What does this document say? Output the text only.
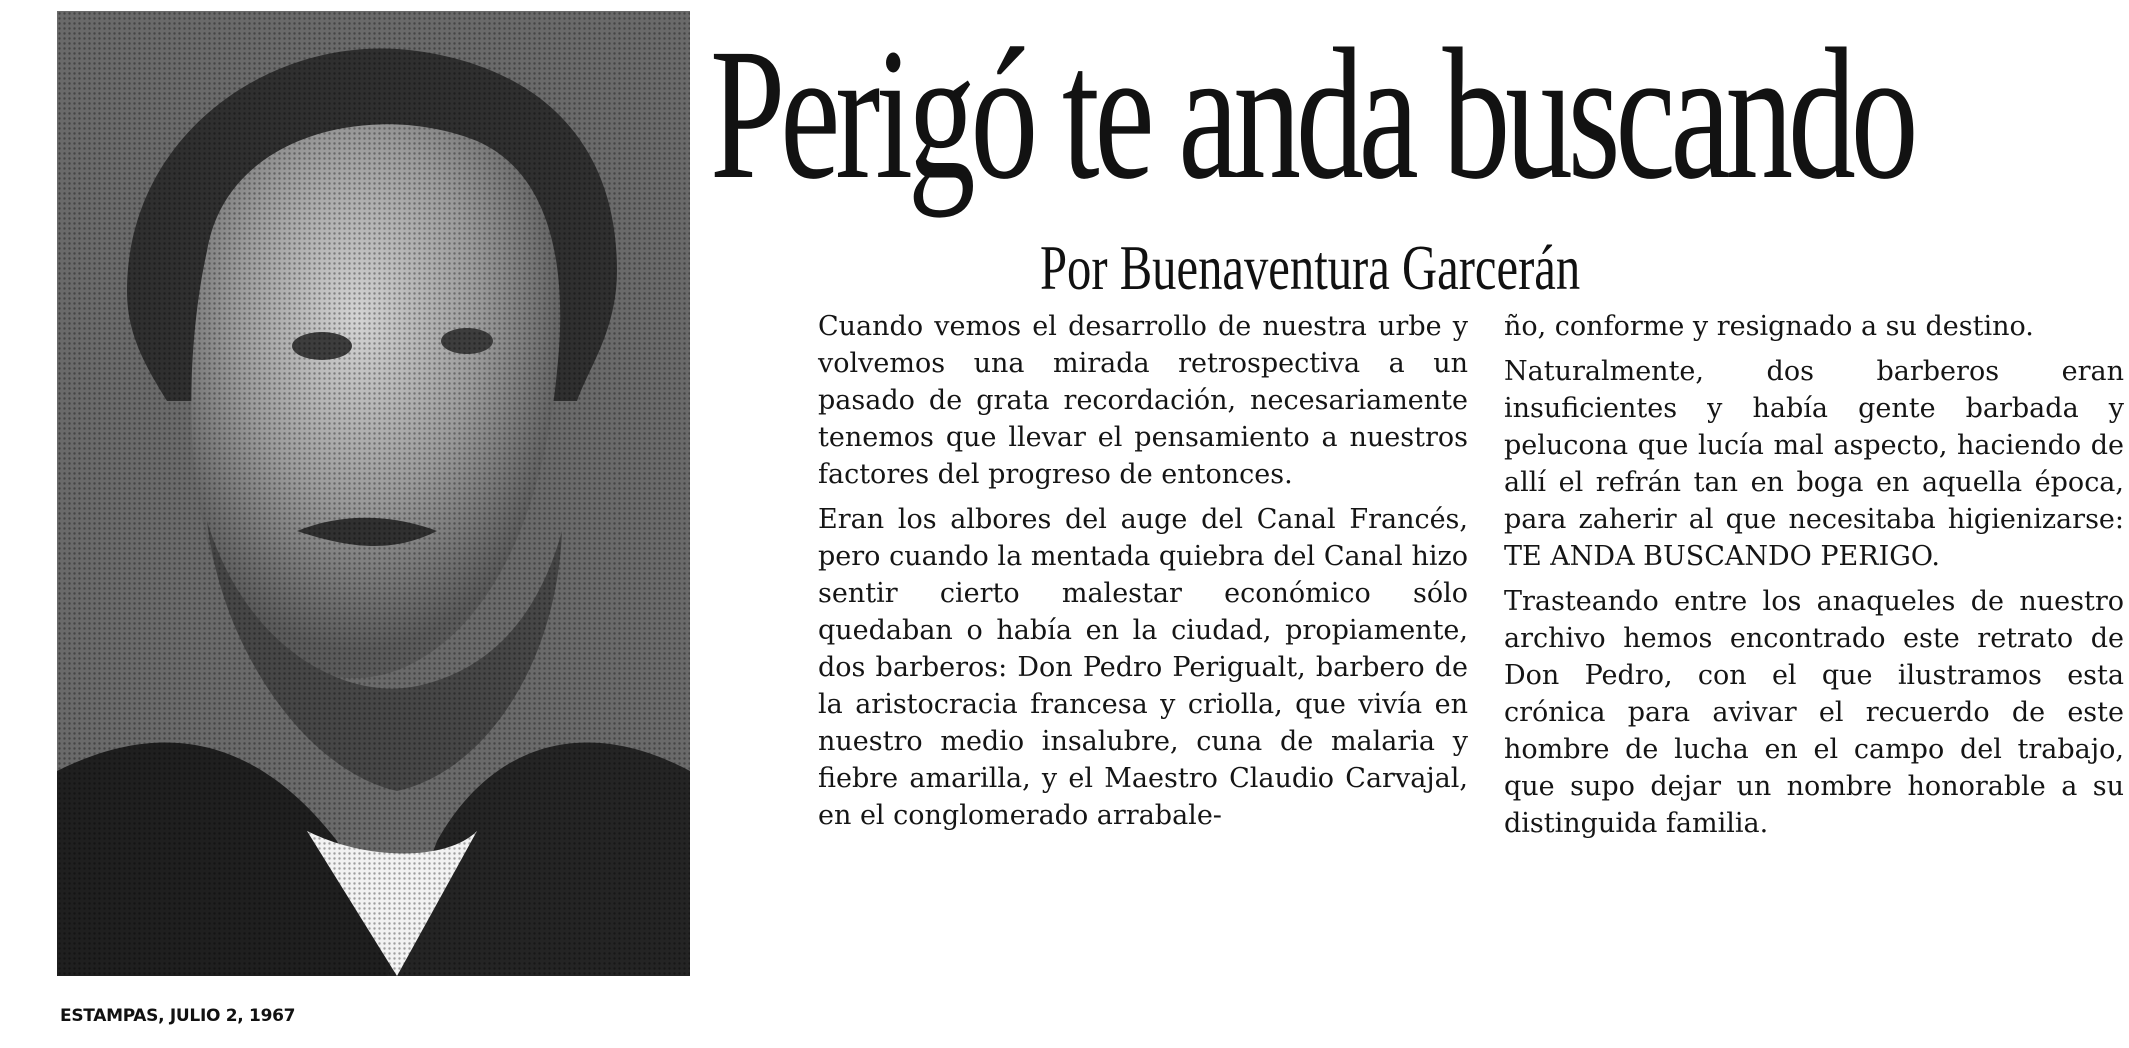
ESTAMPAS, JULIO 2, 1967
Perigó te anda buscando
Por Buenaventura Garcerán

Cuando vemos el desarrollo de nuestra urbe y volvemos una mirada retrospectiva a un pasado de grata recordación, necesariamente tenemos que llevar el pensamiento a nuestros factores del progreso de entonces.

Eran los albores del auge del Canal Francés, pero cuando la mentada quiebra del Canal hizo sentir cierto malestar económico sólo quedaban o había en la ciudad, propiamente, dos barberos: Don Pedro Perigualt, barbero de la aristocracia francesa y criolla, que vivía en nuestro medio insalubre, cuna de malaria y fiebre amarilla, y el Maestro Claudio Carvajal, en el conglomerado arrabale-

ño, conforme y resignado a su destino.

Naturalmente, dos barberos eran insuficientes y había gente barbada y pelucona que lucía mal aspecto, haciendo de allí el refrán tan en boga en aquella época, para zaherir al que necesitaba higienizarse: TE ANDA BUSCANDO PERIGO.

Trasteando entre los anaqueles de nuestro archivo hemos encontrado este retrato de Don Pedro, con el que ilustramos esta crónica para avivar el recuerdo de este hombre de lucha en el campo del trabajo, que supo dejar un nombre honorable a su distinguida familia.
